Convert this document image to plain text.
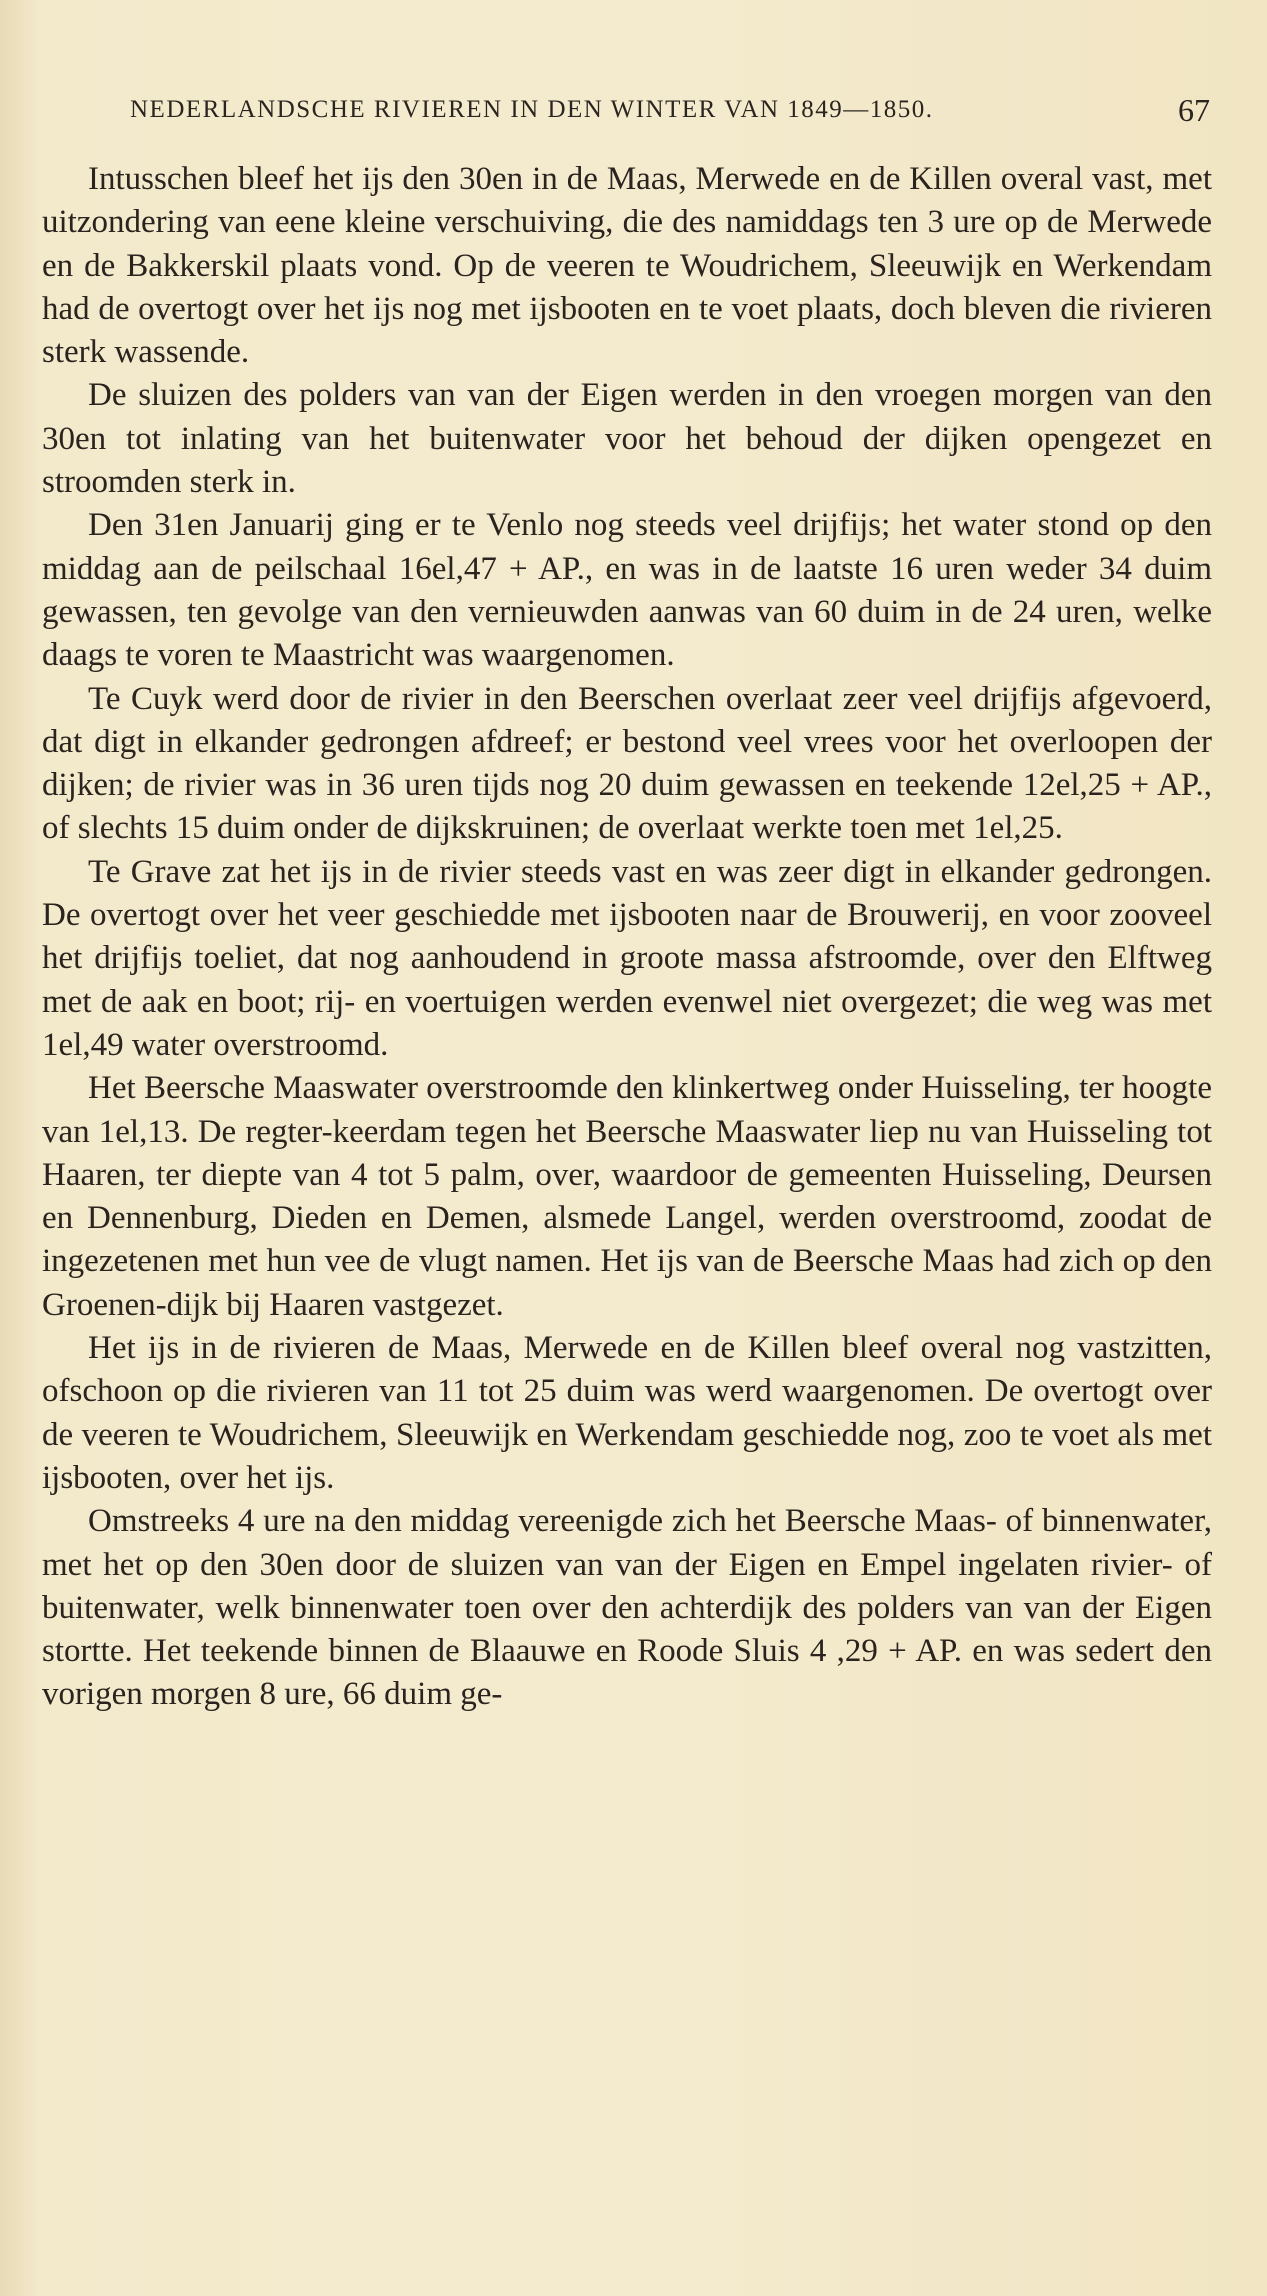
NEDERLANDSCHE RIVIEREN IN DEN WINTER VAN 1849—1850.	67

Intusschen bleef het ijs den 30en in de Maas, Merwede en de Killen overal vast, met uitzondering van eene kleine verschuiving, die des namiddags ten 3 ure op de Merwede en de Bakkerskil plaats vond. Op de veeren te Woudrichem, Sleeuwijk en Werkendam had de overtogt over het ijs nog met ijsbooten en te voet plaats, doch bleven die rivieren sterk wassende.

De sluizen des polders van van der Eigen werden in den vroegen morgen van den 30en tot inlating van het buitenwater voor het behoud der dijken opengezet en stroomden sterk in.

Den 31en Januarij ging er te Venlo nog steeds veel drijfijs; het water stond op den middag aan de peilschaal 16el,47 + AP., en was in de laatste 16 uren weder 34 duim gewassen, ten gevolge van den vernieuwden aanwas van 60 duim in de 24 uren, welke daags te voren te Maastricht was waargenomen.

Te Cuyk werd door de rivier in den Beerschen overlaat zeer veel drijfijs afgevoerd, dat digt in elkander gedrongen afdreef; er bestond veel vrees voor het overloopen der dijken; de rivier was in 36 uren tijds nog 20 duim gewassen en teekende 12el,25 + AP., of slechts 15 duim onder de dijkskruinen; de overlaat werkte toen met 1el,25.

Te Grave zat het ijs in de rivier steeds vast en was zeer digt in elkander gedrongen. De overtogt over het veer geschiedde met ijsbooten naar de Brouwerij, en voor zooveel het drijfijs toeliet, dat nog aanhoudend in groote massa afstroomde, over den Elftweg met de aak en boot; rij- en voertuigen werden evenwel niet overgezet; die weg was met 1el,49 water overstroomd.

Het Beersche Maaswater overstroomde den klinkertweg onder Huisseling, ter hoogte van 1el,13. De regter-keerdam tegen het Beersche Maaswater liep nu van Huisseling tot Haaren, ter diepte van 4 tot 5 palm, over, waardoor de gemeenten Huisseling, Deursen en Dennenburg, Dieden en Demen, alsmede Langel, werden overstroomd, zoodat de ingezetenen met hun vee de vlugt namen. Het ijs van de Beersche Maas had zich op den Groenen-dijk bij Haaren vastgezet.

Het ijs in de rivieren de Maas, Merwede en de Killen bleef overal nog vastzitten, ofschoon op die rivieren van 11 tot 25 duim was werd waargenomen. De overtogt over de veeren te Woudrichem, Sleeuwijk en Werkendam geschiedde nog, zoo te voet als met ijsbooten, over het ijs.

Omstreeks 4 ure na den middag vereenigde zich het Beersche Maas- of binnenwater, met het op den 30en door de sluizen van van der Eigen en Empel ingelaten rivier- of buitenwater, welk binnenwater toen over den achterdijk des polders van van der Eigen stortte. Het teekende binnen de Blaauwe en Roode Sluis 4 ,29 + AP. en was sedert den vorigen morgen 8 ure, 66 duim ge-
